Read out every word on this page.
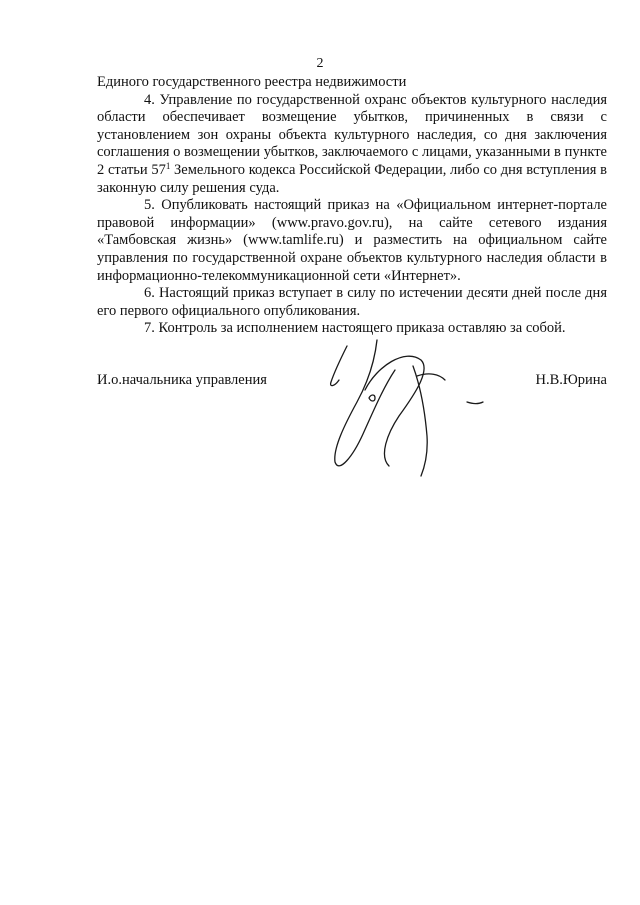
2

Единого государственного реестра недвижимости

4. Управление по государственной охранс объектов культурного наследия области обеспечивает возмещение убытков, причиненных в связи с установлением зон охраны объекта культурного наследия, со дня заключения соглашения о возмещении убытков, заключаемого с лицами, указанными в пункте 2 статьи $57^1$ Земельного кодекса Российской Федерации, либо со дня вступления в законную силу решения суда.

5. Опубликовать настоящий приказ на «Официальном интернет-портале правовой информации» (www.pravo.gov.ru), на сайте сетевого издания «Тамбовская жизнь» (www.tamlife.ru) и разместить на официальном сайте управления по государственной охране объектов культурного наследия области в информационно-телекоммуникационной сети «Интернет».

6. Настоящий приказ вступает в силу по истечении десяти дней после дня его первого официального опубликования.

7. Контроль за исполнением настоящего приказа оставляю за собой.

И.о.начальника управления	Н.В.Юрина
